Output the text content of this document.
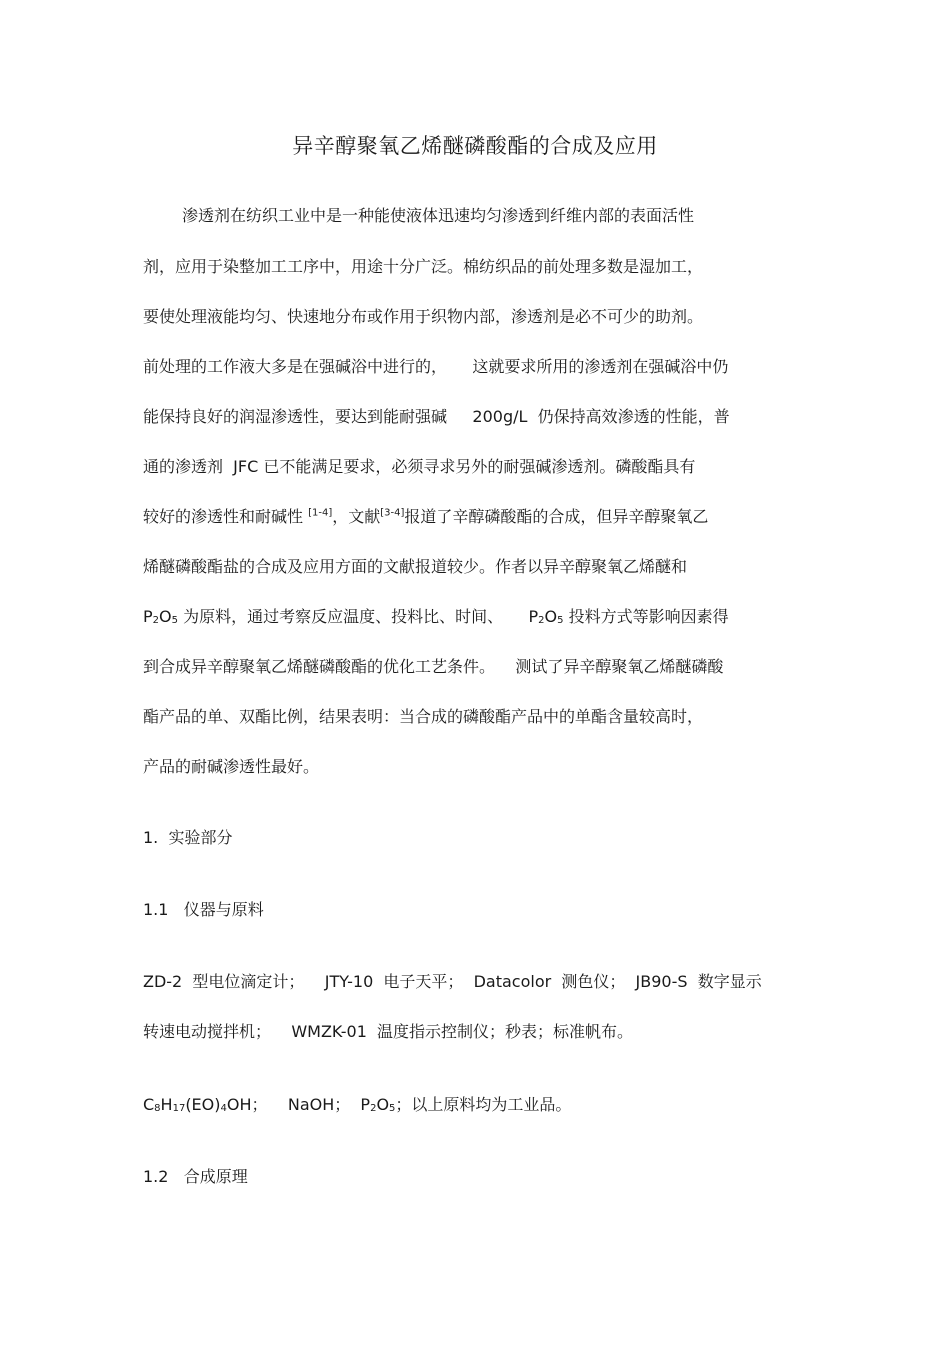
异辛醇聚氧乙烯醚磷酸酯的合成及应用
渗透剂在纺织工业中是一种能使液体迅速均匀渗透到纤维内部的表面活性
剂，应用于染整加工工序中，用途十分广泛。棉纺织品的前处理多数是湿加工，
要使处理液能均匀、快速地分布或作用于织物内部，渗透剂是必不可少的助剂。
前处理的工作液大多是在强碱浴中进行的，     这就要求所用的渗透剂在强碱浴中仍
能保持良好的润湿渗透性，要达到能耐强碱     200g/L  仍保持高效渗透的性能，普
通的渗透剂  JFC 已不能满足要求，必须寻求另外的耐强碱渗透剂。磷酸酯具有
较好的渗透性和耐碱性 [1-4]，文献[3-4]报道了辛醇磷酸酯的合成，但异辛醇聚氧乙
烯醚磷酸酯盐的合成及应用方面的文献报道较少。作者以异辛醇聚氧乙烯醚和
$P_2O_5$ 为原料，通过考察反应温度、投料比、时间、     $P_2O_5$ 投料方式等影响因素得
到合成异辛醇聚氧乙烯醚磷酸酯的优化工艺条件。    测试了异辛醇聚氧乙烯醚磷酸
酯产品的单、双酯比例，结果表明：当合成的磷酸酯产品中的单酯含量较高时，
产品的耐碱渗透性最好。
1.  实验部分
1.1   仪器与原料
ZD-2  型电位滴定计；    JTY-10  电子天平；  Datacolor  测色仪；  JB90-S  数字显示
转速电动搅拌机；    WMZK-01  温度指示控制仪；秒表；标准帆布。
$C_8H_{17}(EO)_4OH$；    NaOH；  $P_2O_5$；以上原料均为工业品。
1.2   合成原理
